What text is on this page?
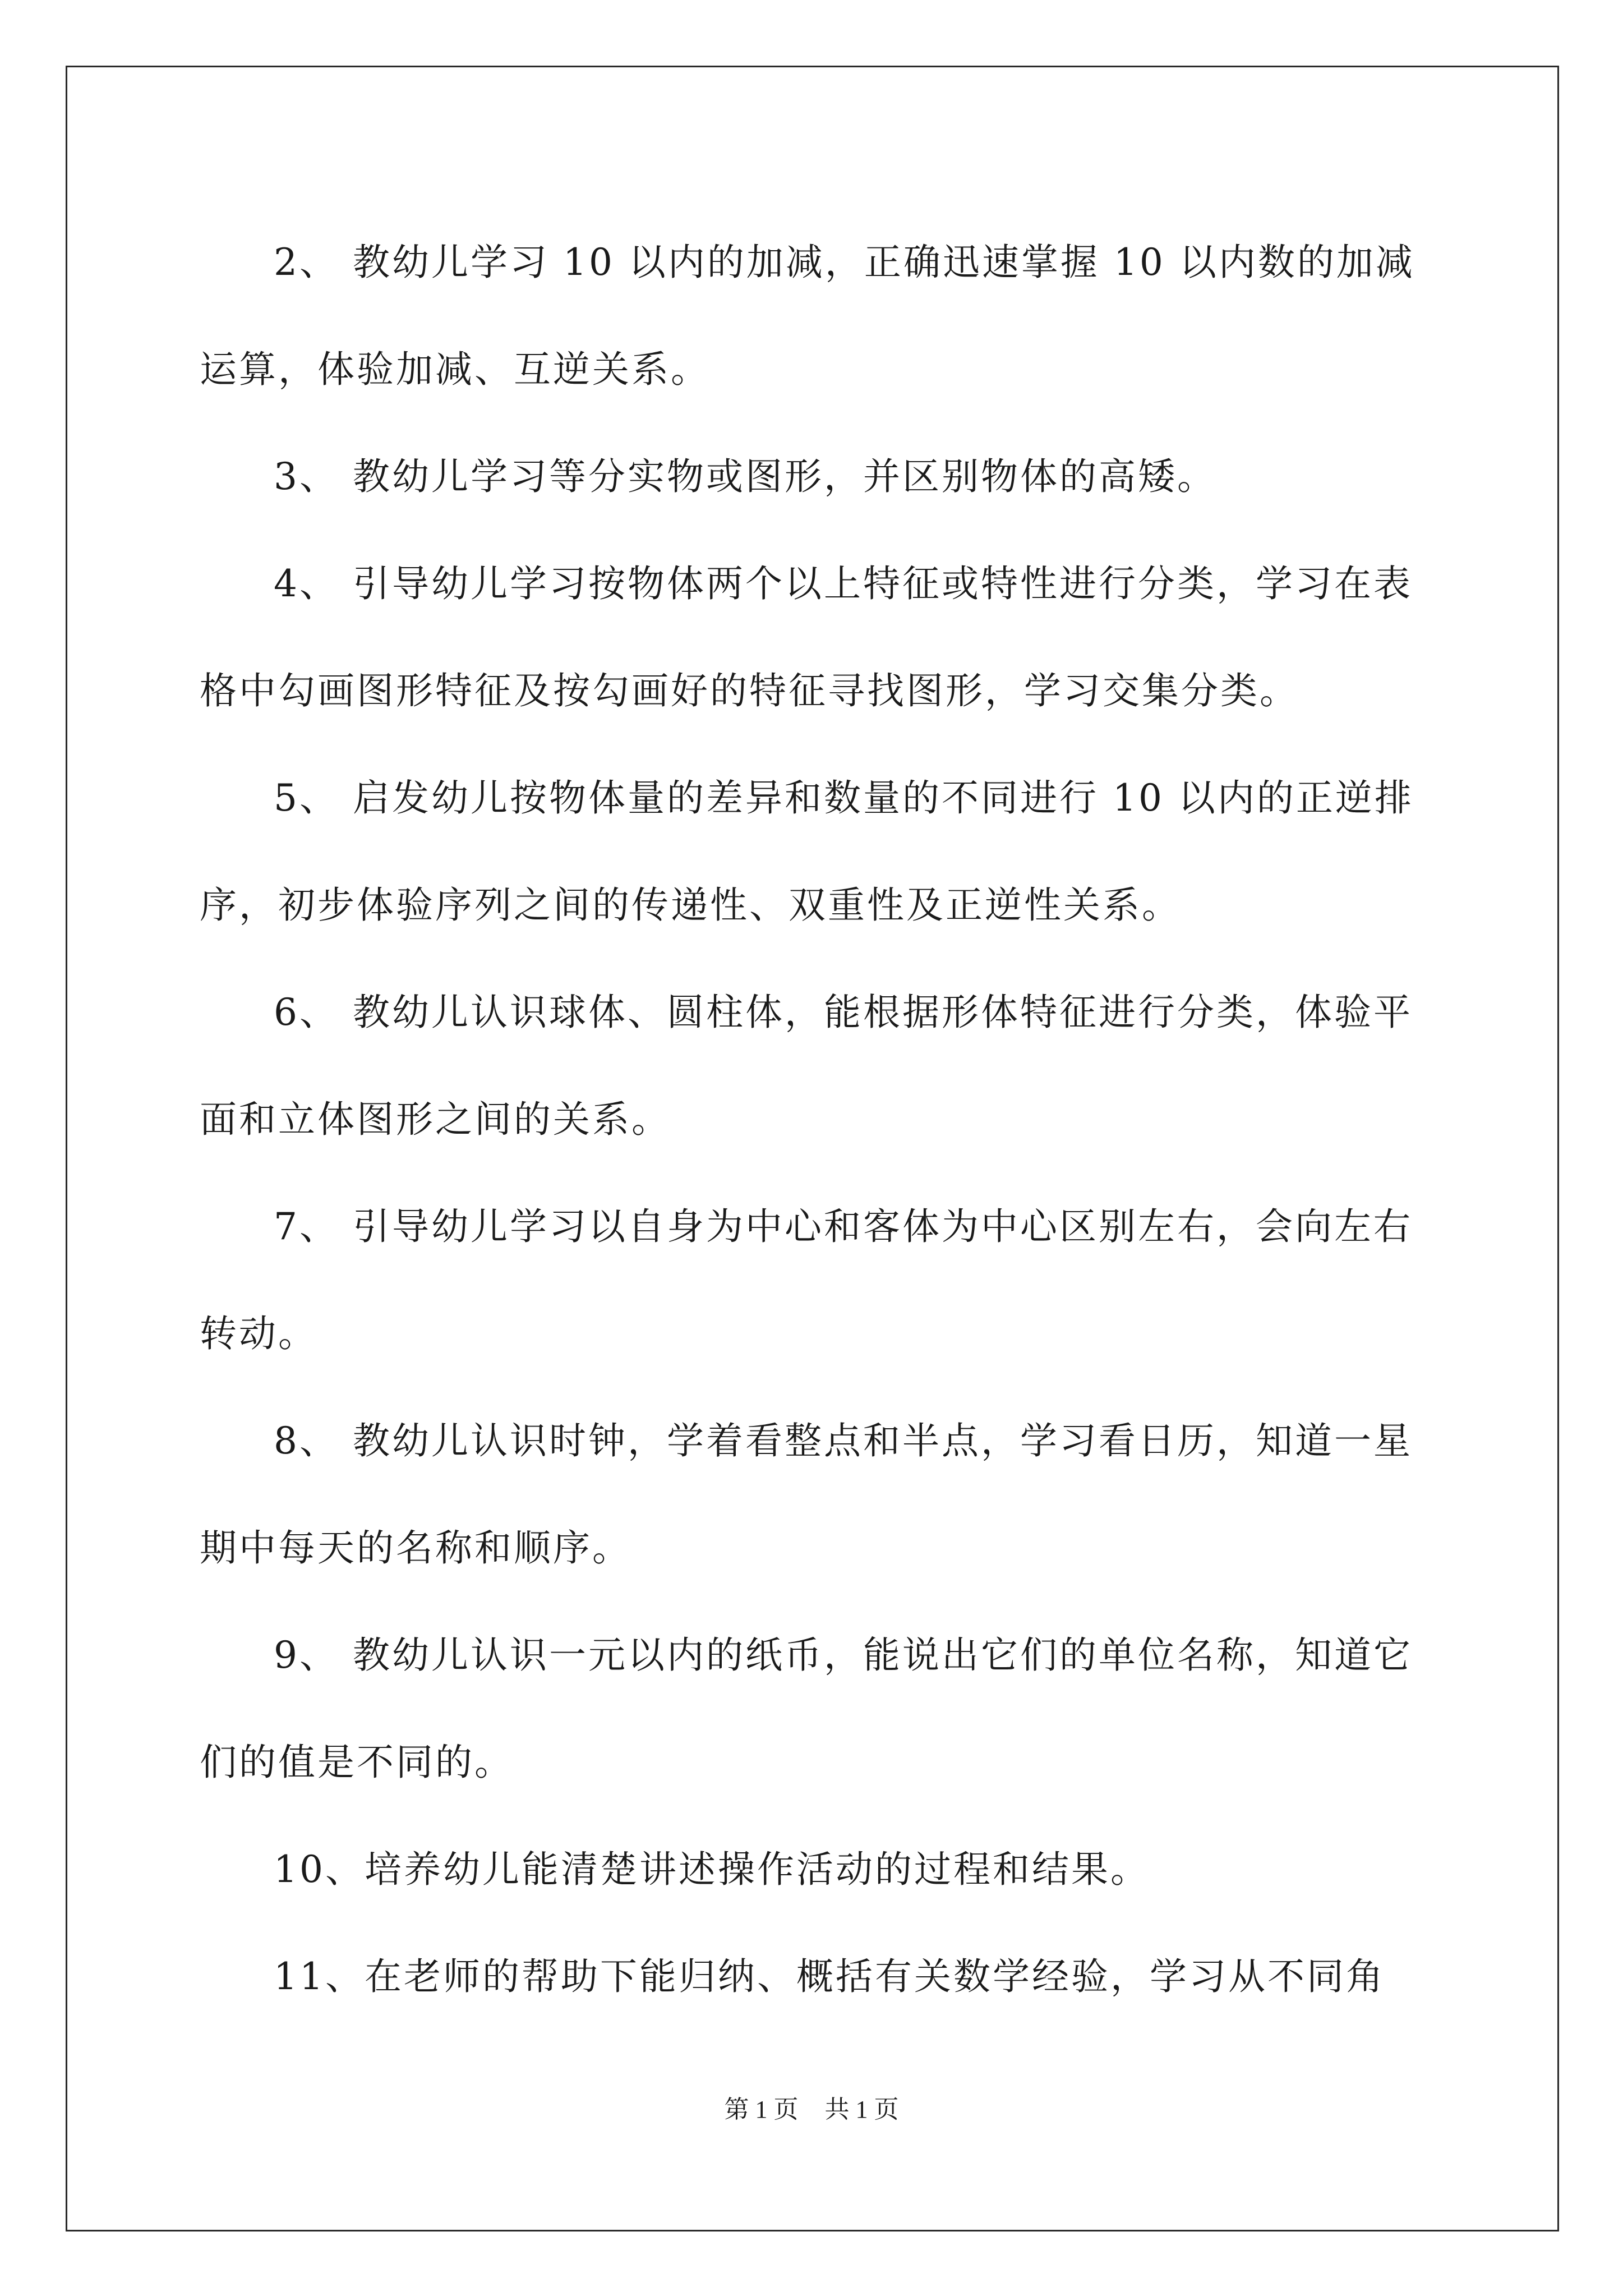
2、 教幼儿学习 10 以内的加减，正确迅速掌握 10 以内数的加减运算，体验加减、互逆关系。

3、 教幼儿学习等分实物或图形，并区别物体的高矮。

4、 引导幼儿学习按物体两个以上特征或特性进行分类，学习在表格中勾画图形特征及按勾画好的特征寻找图形，学习交集分类。

5、 启发幼儿按物体量的差异和数量的不同进行 10 以内的正逆排序，初步体验序列之间的传递性、双重性及正逆性关系。

6、 教幼儿认识球体、圆柱体，能根据形体特征进行分类，体验平面和立体图形之间的关系。

7、 引导幼儿学习以自身为中心和客体为中心区别左右，会向左右转动。

8、 教幼儿认识时钟，学着看整点和半点，学习看日历，知道一星期中每天的名称和顺序。

9、 教幼儿认识一元以内的纸币，能说出它们的单位名称，知道它们的值是不同的。

10、培养幼儿能清楚讲述操作活动的过程和结果。

11、在老师的帮助下能归纳、概括有关数学经验，学习从不同角

第 1 页 共 1 页
